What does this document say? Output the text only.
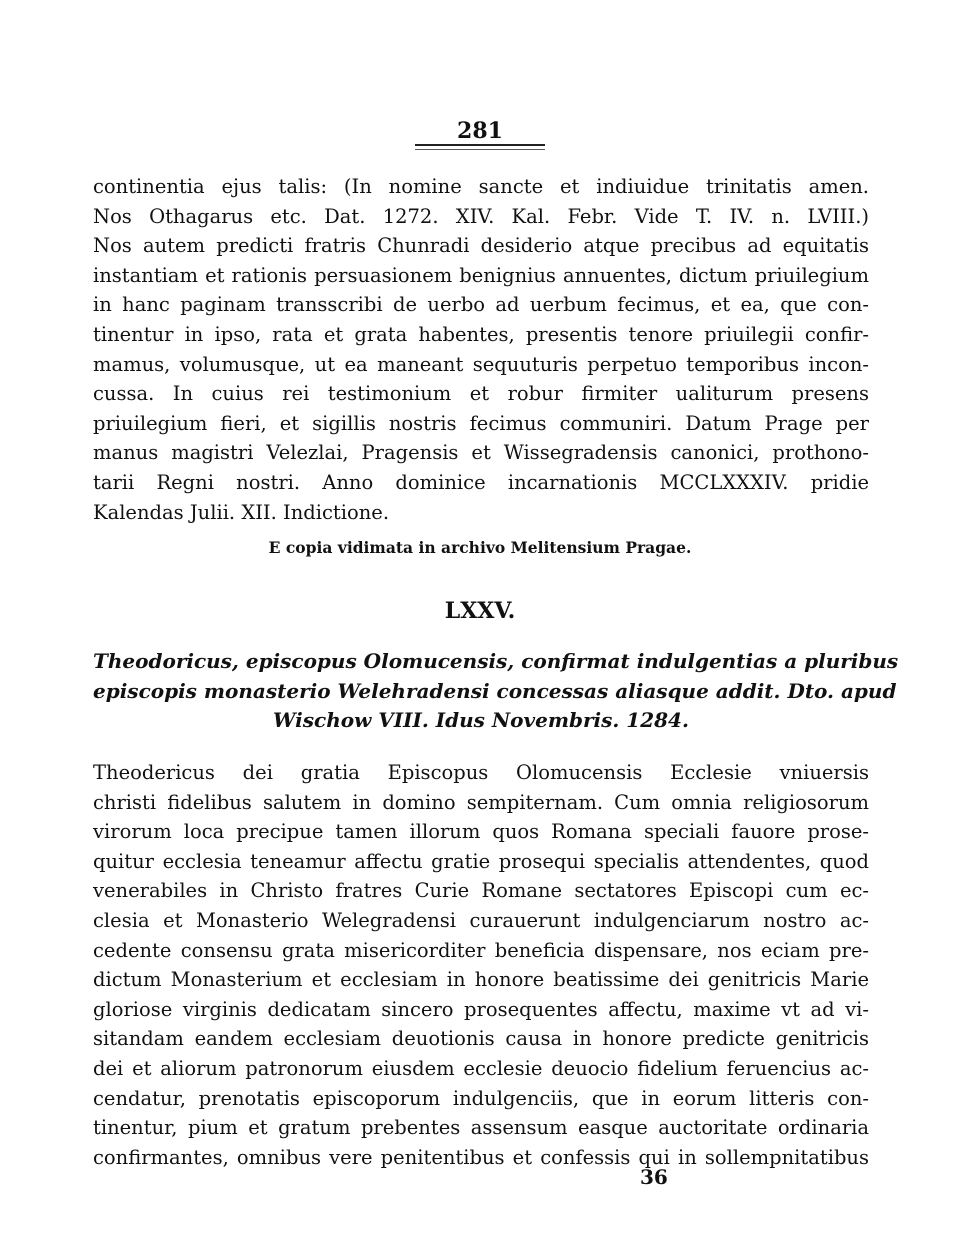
281
continentia ejus talis: (In nomine sancte et indiuidue trinitatis amen.
Nos Othagarus etc. Dat. 1272. XIV. Kal. Febr. Vide T. IV. n. LVIII.)
Nos autem predicti fratris Chunradi desiderio atque precibus ad equitatis
instantiam et rationis persuasionem benignius annuentes, dictum priuilegium
in hanc paginam transscribi de uerbo ad uerbum fecimus, et ea, que con-
tinentur in ipso, rata et grata habentes, presentis tenore priuilegii confir-
mamus, volumusque, ut ea maneant sequuturis perpetuo temporibus incon-
cussa. In cuius rei testimonium et robur firmiter ualiturum presens
priuilegium fieri, et sigillis nostris fecimus communiri. Datum Prage per
manus magistri Velezlai, Pragensis et Wissegradensis canonici, prothono-
tarii Regni nostri. Anno dominice incarnationis MCCLXXXIV. pridie
Kalendas Julii. XII. Indictione.
E copia vidimata in archivo Melitensium Pragae.
LXXV.
Theodoricus, episcopus Olomucensis, confirmat indulgentias a pluribus
episcopis monasterio Welehradensi concessas aliasque addit. Dto. apud
Wischow VIII. Idus Novembris. 1284.
Theodericus dei gratia Episcopus Olomucensis Ecclesie vniuersis
christi fidelibus salutem in domino sempiternam. Cum omnia religiosorum
virorum loca precipue tamen illorum quos Romana speciali fauore prose-
quitur ecclesia teneamur affectu gratie prosequi specialis attendentes, quod
venerabiles in Christo fratres Curie Romane sectatores Episcopi cum ec-
clesia et Monasterio Welegradensi curauerunt indulgenciarum nostro ac-
cedente consensu grata misericorditer beneficia dispensare, nos eciam pre-
dictum Monasterium et ecclesiam in honore beatissime dei genitricis Marie
gloriose virginis dedicatam sincero prosequentes affectu, maxime vt ad vi-
sitandam eandem ecclesiam deuotionis causa in honore predicte genitricis
dei et aliorum patronorum eiusdem ecclesie deuocio fidelium feruencius ac-
cendatur, prenotatis episcoporum indulgenciis, que in eorum litteris con-
tinentur, pium et gratum prebentes assensum easque auctoritate ordinaria
confirmantes, omnibus vere penitentibus et confessis qui in sollempnitatibus
36
